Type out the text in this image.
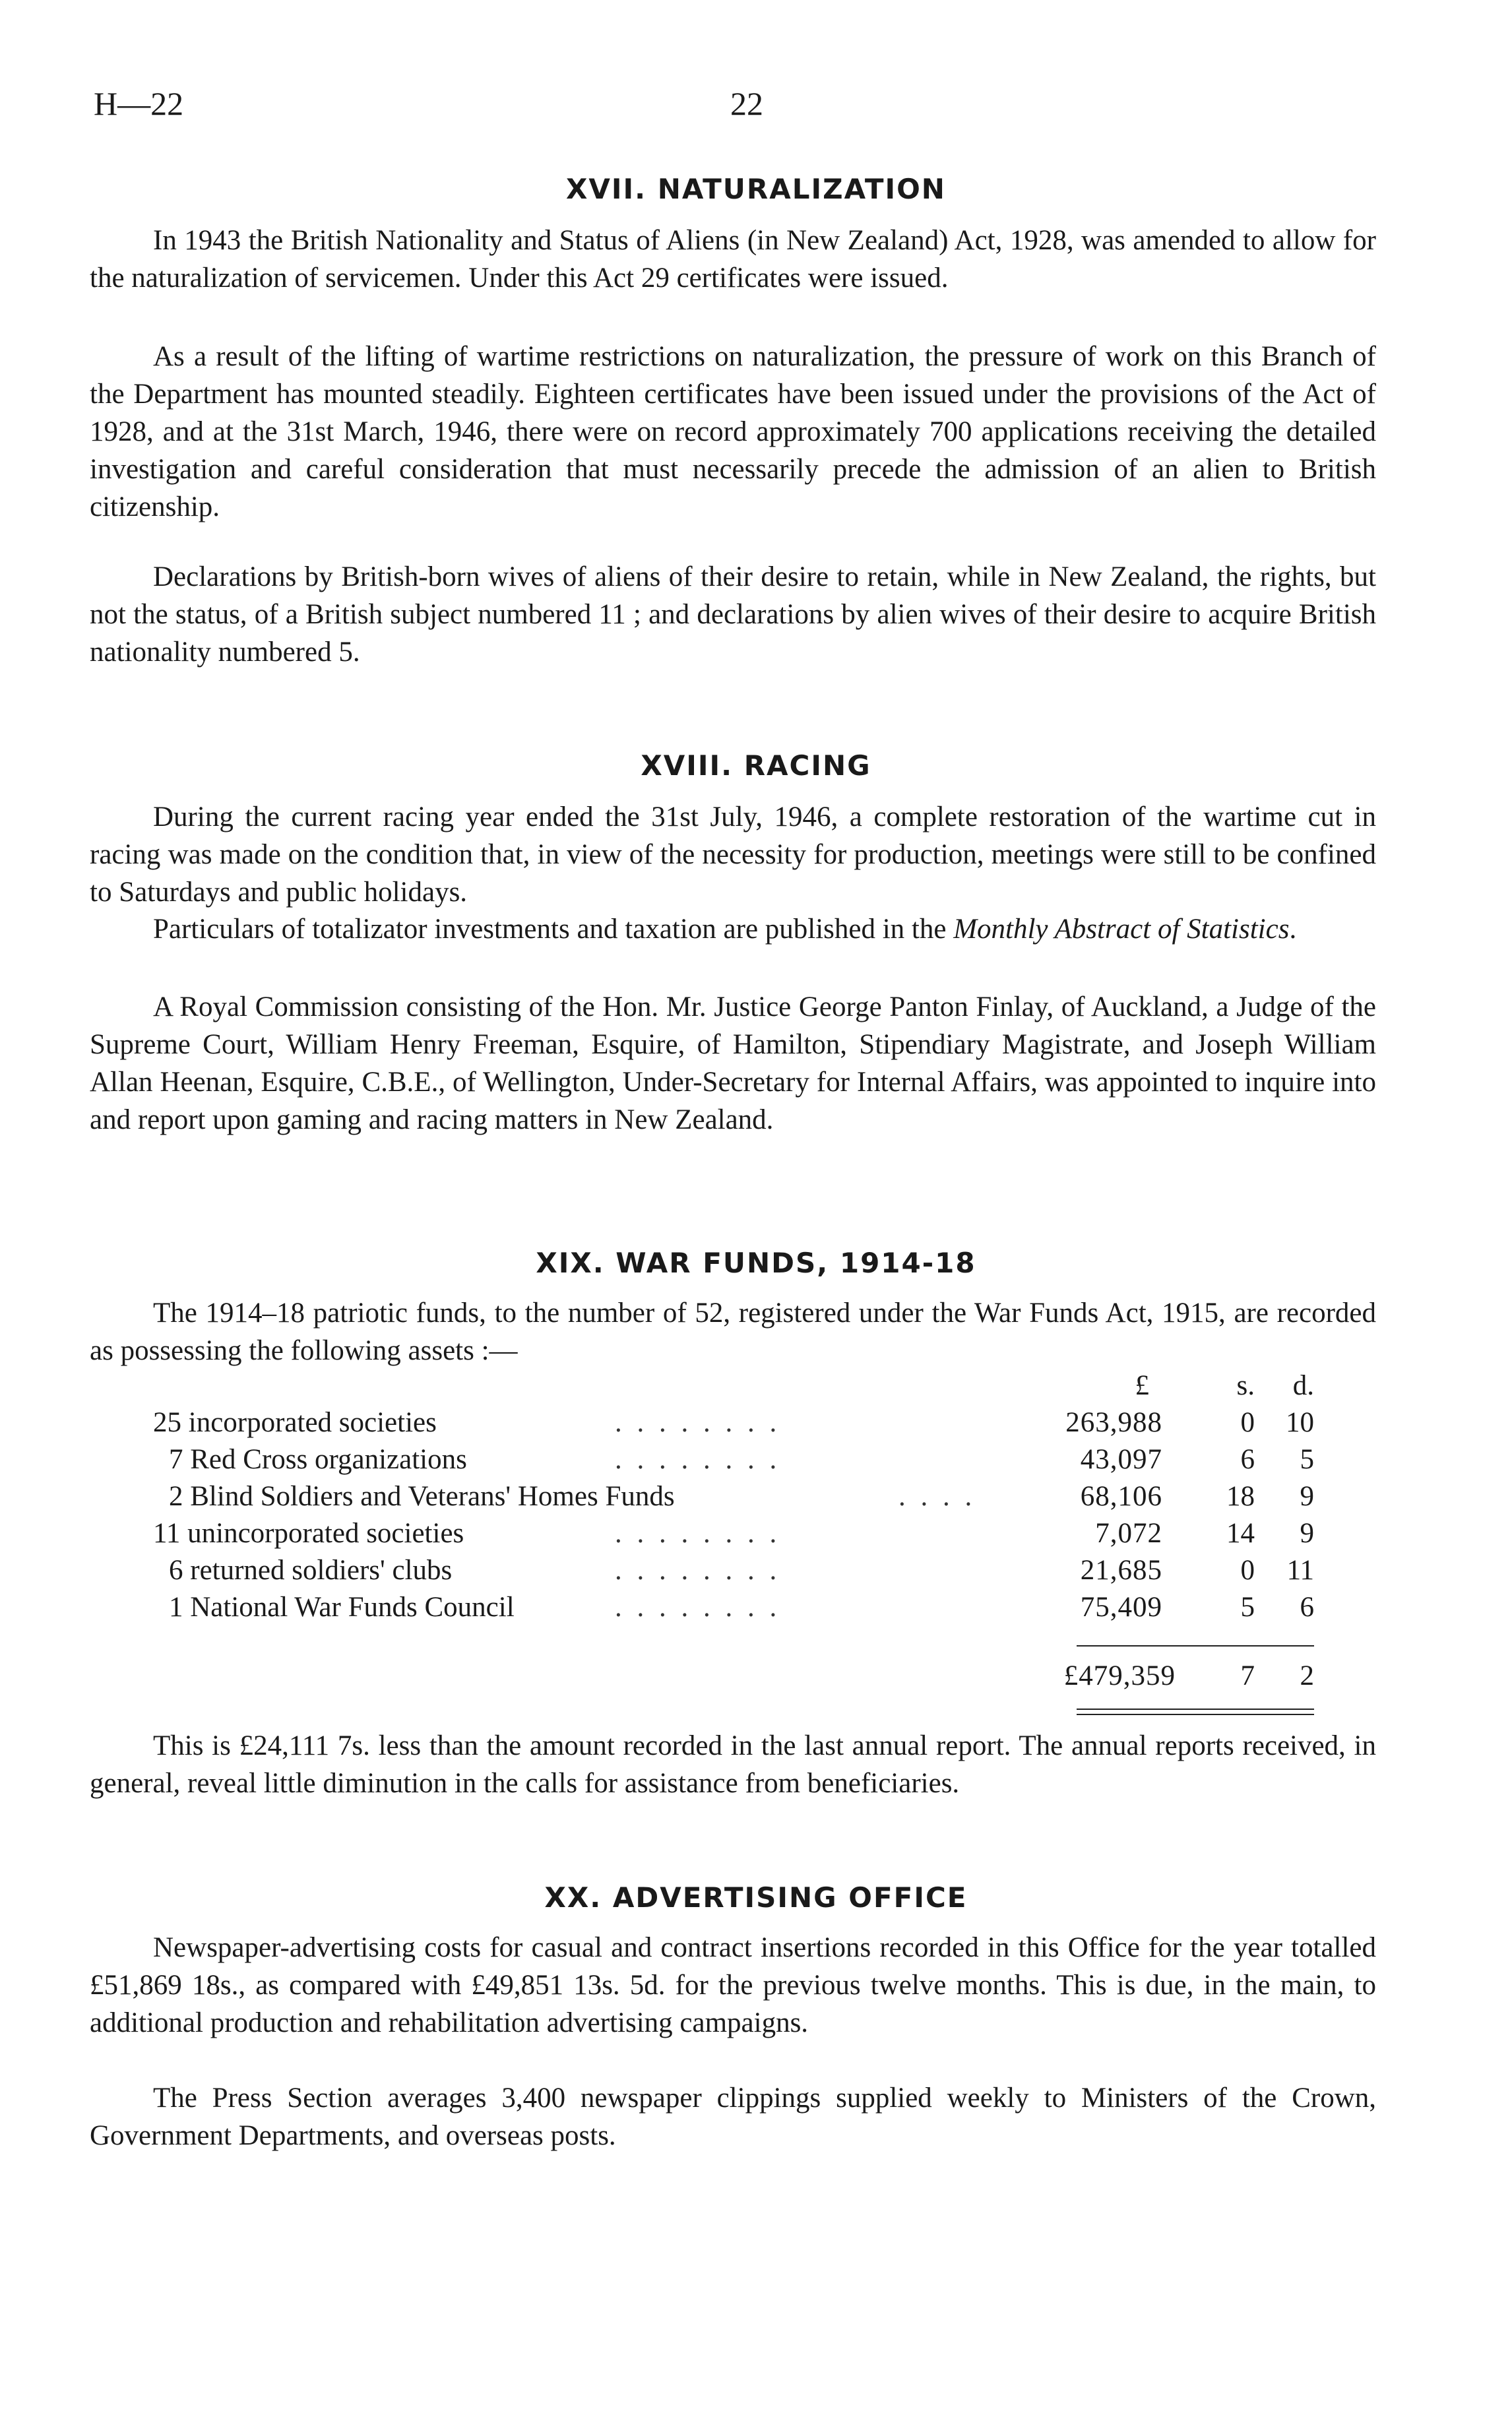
H—22	22
XVII. NATURALIZATION

In 1943 the British Nationality and Status of Aliens (in New Zealand) Act, 1928, was amended to allow for the naturalization of servicemen. Under this Act 29 certificates were issued.

As a result of the lifting of wartime restrictions on naturalization, the pressure of work on this Branch of the Department has mounted steadily. Eighteen certificates have been issued under the provisions of the Act of 1928, and at the 31st March, 1946, there were on record approximately 700 applications receiving the detailed investigation and careful consideration that must necessarily precede the admission of an alien to British citizenship.

Declarations by British-born wives of aliens of their desire to retain, while in New Zealand, the rights, but not the status, of a British subject numbered 11 ; and declarations by alien wives of their desire to acquire British nationality numbered 5.

XVIII. RACING

During the current racing year ended the 31st July, 1946, a complete restoration of the wartime cut in racing was made on the condition that, in view of the necessity for production, meetings were still to be confined to Saturdays and public holidays.

Particulars of totalizator investments and taxation are published in the Monthly Abstract of Statistics.

A Royal Commission consisting of the Hon. Mr. Justice George Panton Finlay, of Auckland, a Judge of the Supreme Court, William Henry Freeman, Esquire, of Hamilton, Stipendiary Magistrate, and Joseph William Allan Heenan, Esquire, C.B.E., of Wellington, Under-Secretary for Internal Affairs, was appointed to inquire into and report upon gaming and racing matters in New Zealand.

XIX. WAR FUNDS, 1914-18

The 1914–18 patriotic funds, to the number of 52, registered under the War Funds Act, 1915, are recorded as possessing the following assets :—

£	s.	d.
25 incorporated societies	. . . . . . . .	263,988	0	10
7 Red Cross organizations	. . . . . . . .	43,097	6	5
2 Blind Soldiers and Veterans' Homes Funds	. . . .	68,106	18	9
11 unincorporated societies	. . . . . . . .	7,072	14	9
6 returned soldiers' clubs	. . . . . . . .	21,685	0	11
1 National War Funds Council	. . . . . . . .	75,409	5	6
£479,359	7	2

This is £24,111 7s. less than the amount recorded in the last annual report. The annual reports received, in general, reveal little diminution in the calls for assistance from beneficiaries.

XX. ADVERTISING OFFICE

Newspaper-advertising costs for casual and contract insertions recorded in this Office for the year totalled £51,869 18s., as compared with £49,851 13s. 5d. for the previous twelve months. This is due, in the main, to additional production and rehabilitation advertising campaigns.

The Press Section averages 3,400 newspaper clippings supplied weekly to Ministers of the Crown, Government Departments, and overseas posts.
